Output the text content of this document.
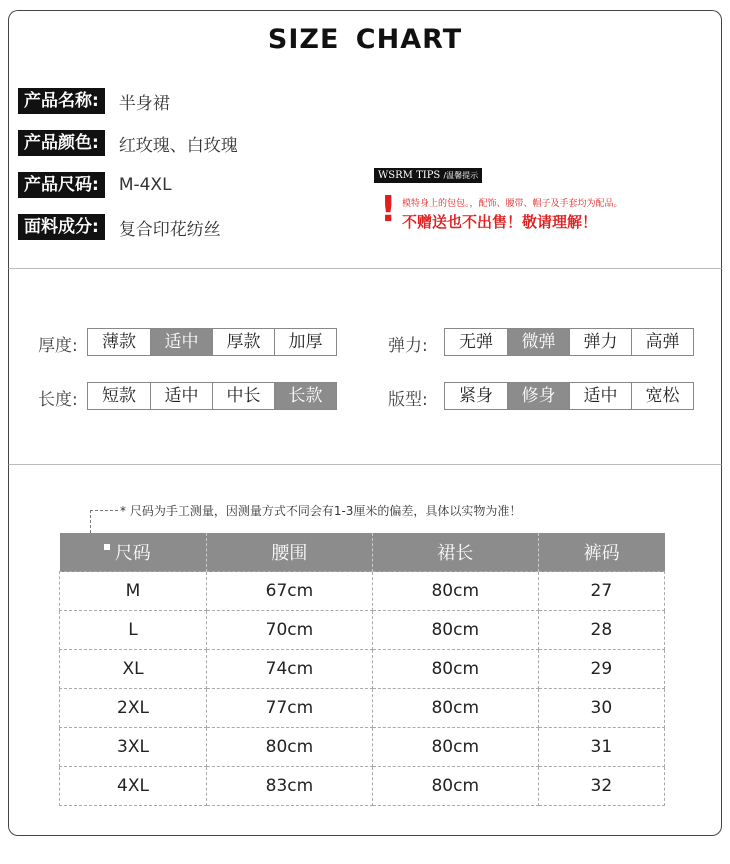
SIZE CHART
产品名称:	半身裙
产品颜色:	红玫瑰、白玫瑰
产品尺码:	M-4XL
面料成分:	复合印花纺丝
WSRM TIPS /温馨提示
! 模特身上的包包。，配饰、腰带、帽子及手套均为配品。
不赠送也不出售！敬请理解！
厚度:	薄款	适中	厚款	加厚	弹力:	无弹	微弹	弹力	高弹
长度:	短款	适中	中长	长款	版型:	紧身	修身	适中	宽松
* 尺码为手工测量，因测量方式不同会有1-3厘米的偏差，具体以实物为准！
尺码	腰围	裙长	裤码
M	67cm	80cm	27
L	70cm	80cm	28
XL	74cm	80cm	29
2XL	77cm	80cm	30
3XL	80cm	80cm	31
4XL	83cm	80cm	32
